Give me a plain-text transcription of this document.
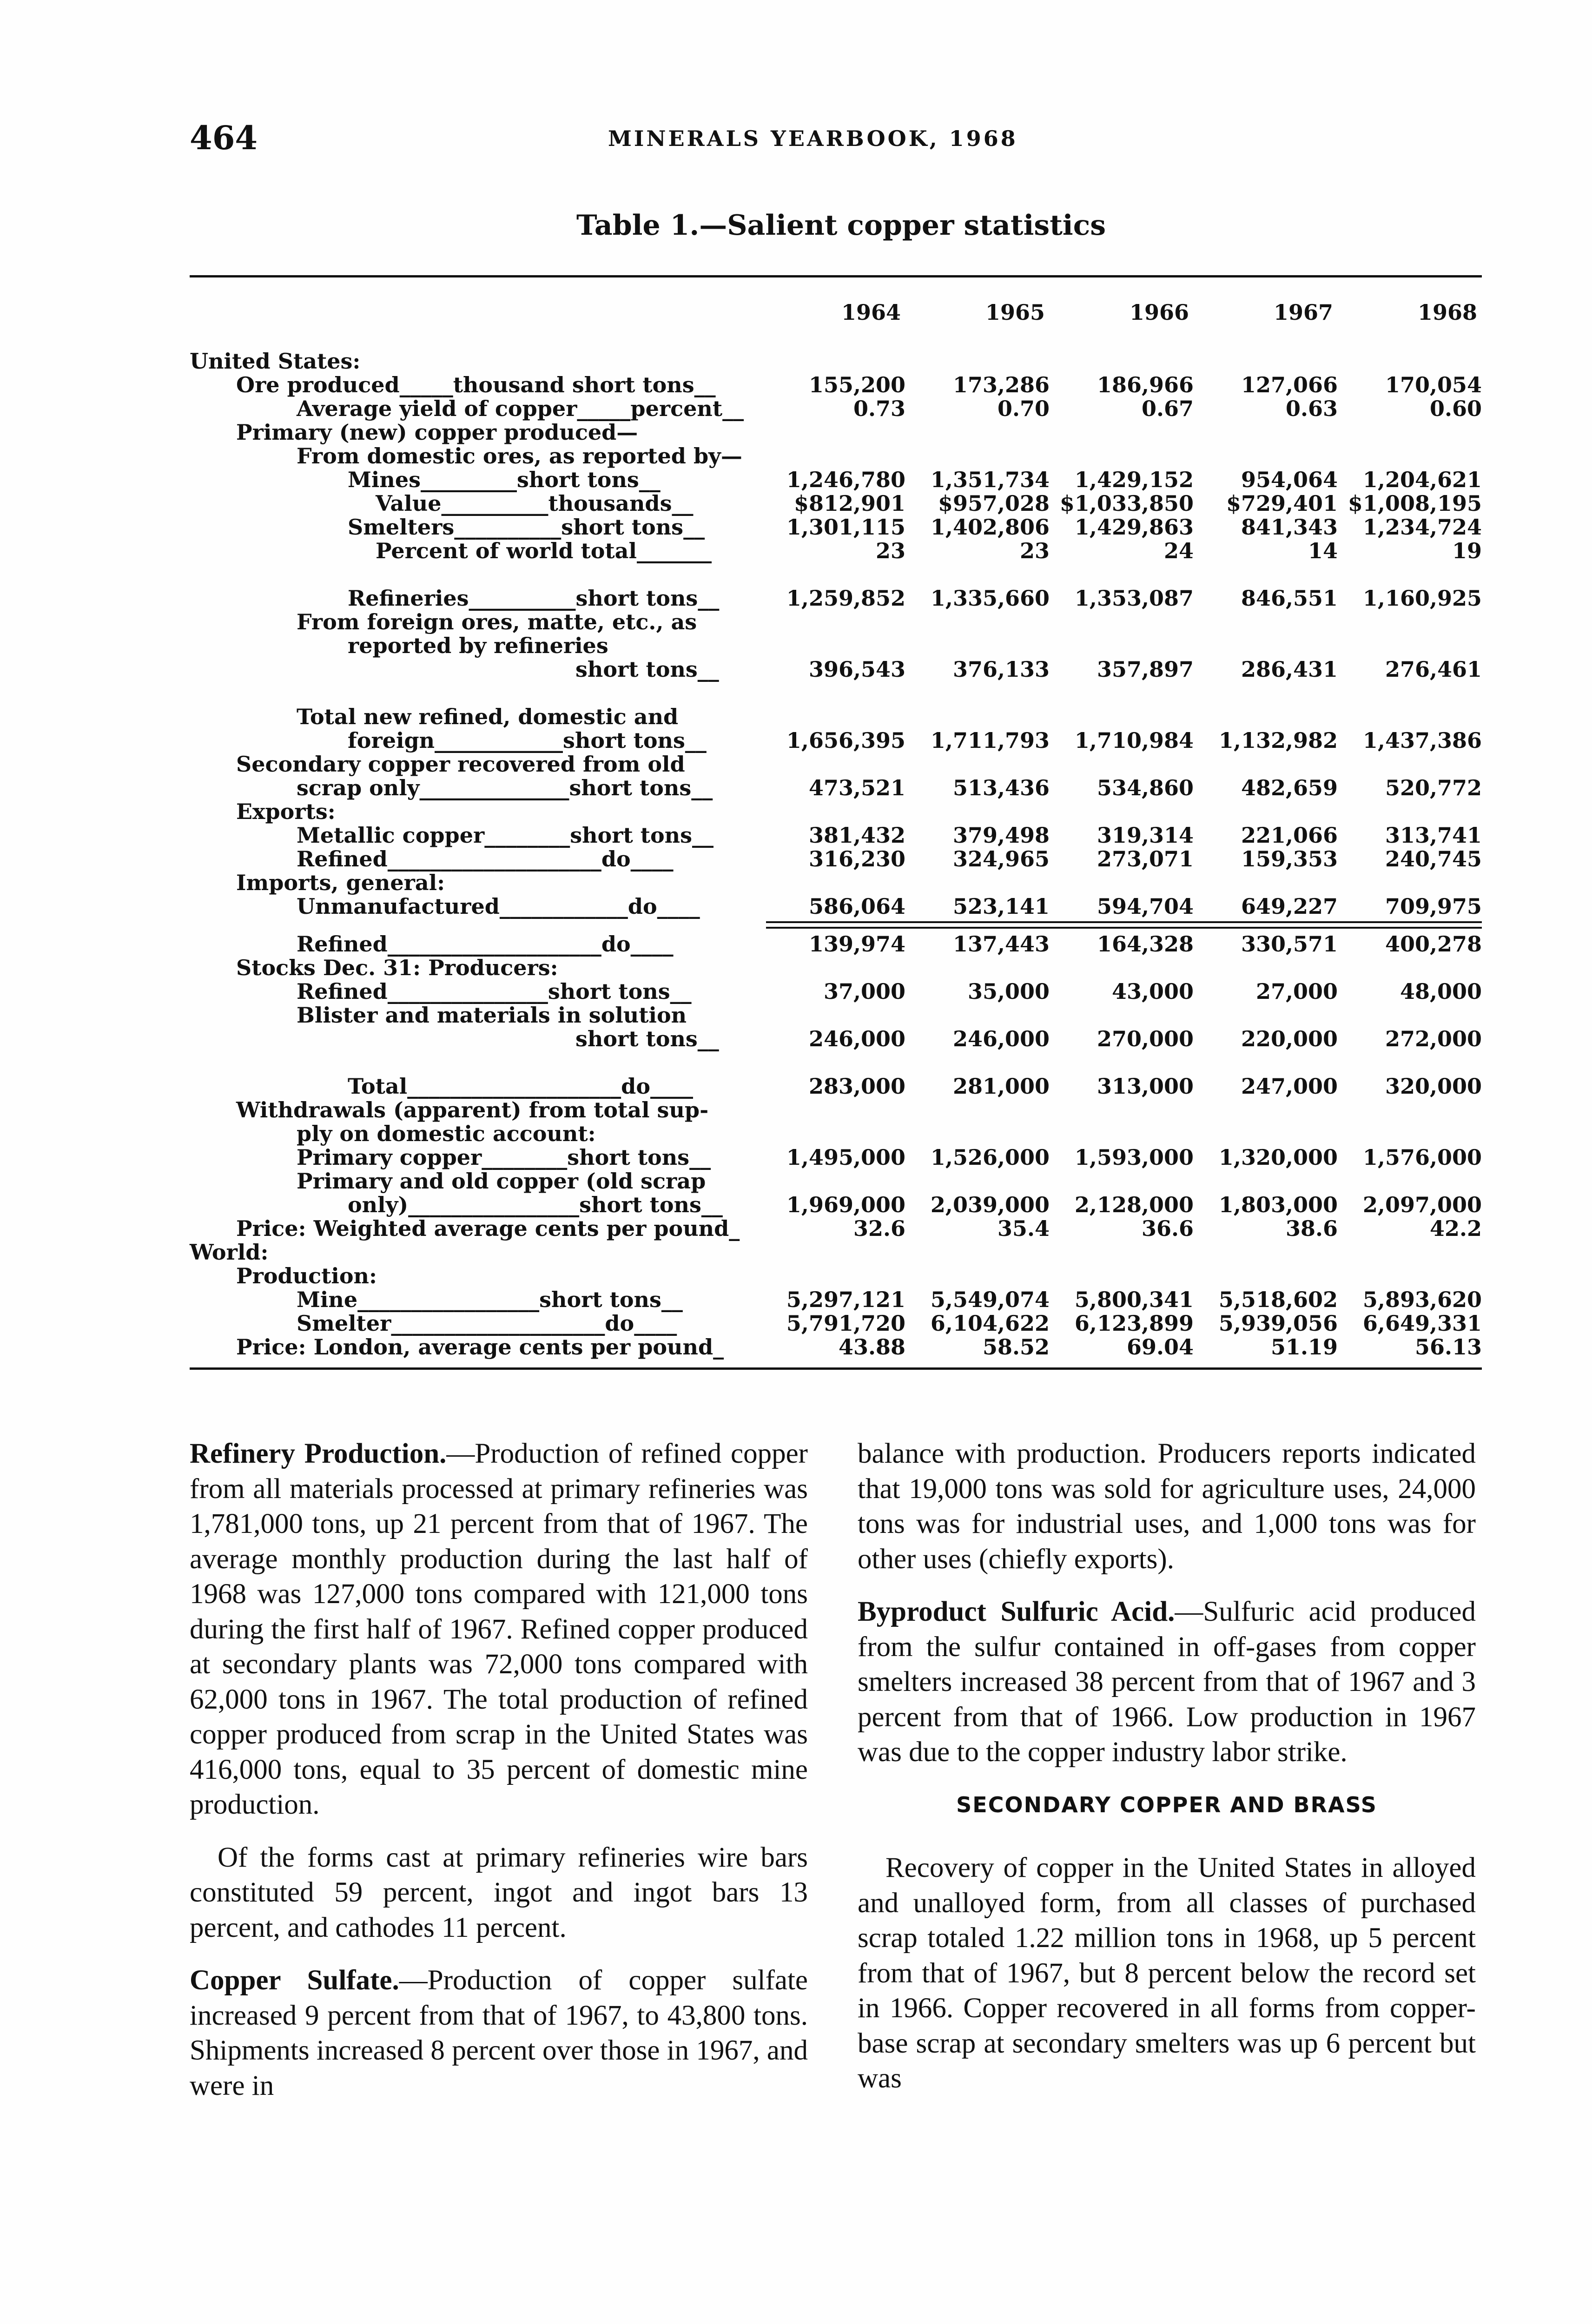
464	MINERALS YEARBOOK, 1968
Table 1.—Salient copper statistics
1964	1965	1966	1967	1968
United States:
Ore produced_____thousand short tons__	155,200	173,286	186,966	127,066	170,054
Average yield of copper_____percent__	0.73	0.70	0.67	0.63	0.60
Primary (new) copper produced—
From domestic ores, as reported by—
Mines_________short tons__	1,246,780	1,351,734	1,429,152	954,064	1,204,621
Value__________thousands__	$812,901	$957,028 $1,033,850	$729,401 $1,008,195
Smelters__________short tons__	1,301,115	1,402,806	1,429,863	841,343	1,234,724
Percent of world total_______	23	23	24	14	19
Refineries__________short tons__	1,259,852	1,335,660	1,353,087	846,551	1,160,925
From foreign ores, matte, etc., as
reported by refineries
short tons__	396,543	376,133	357,897	286,431	276,461
Total new refined, domestic and
foreign____________short tons__	1,656,395	1,711,793	1,710,984	1,132,982	1,437,386
Secondary copper recovered from old
scrap only______________short tons__	473,521	513,436	534,860	482,659	520,772
Exports:
Metallic copper________short tons__	381,432	379,498	319,314	221,066	313,741
Refined____________________do____	316,230	324,965	273,071	159,353	240,745
Imports, general:
Unmanufactured____________do____	586,064	523,141	594,704	649,227	709,975
Refined____________________do____	139,974	137,443	164,328	330,571	400,278
Stocks Dec. 31: Producers:
Refined_______________short tons__	37,000	35,000	43,000	27,000	48,000
Blister and materials in solution
short tons__	246,000	246,000	270,000	220,000	272,000
Total____________________do____	283,000	281,000	313,000	247,000	320,000
Withdrawals (apparent) from total sup-
ply on domestic account:
Primary copper________short tons__	1,495,000	1,526,000	1,593,000	1,320,000	1,576,000
Primary and old copper (old scrap
only)________________short tons__	1,969,000	2,039,000	2,128,000	1,803,000	2,097,000
Price: Weighted average cents per pound_	32.6	35.4	36.6	38.6	42.2
World:
Production:
Mine_________________short tons__	5,297,121	5,549,074	5,800,341	5,518,602	5,893,620
Smelter____________________do____	5,791,720	6,104,622	6,123,899	5,939,056	6,649,331
Price: London, average cents per pound_	43.88	58.52	69.04	51.19	56.13

Refinery Production.—Production of refined copper from all materials processed at primary refineries was 1,781,000 tons, up 21 percent from that of 1967. The average monthly production during the last half of 1968 was 127,000 tons compared with 121,000 tons during the first half of 1967. Refined copper produced at secondary plants was 72,000 tons compared with 62,000 tons in 1967. The total production of refined copper produced from scrap in the United States was 416,000 tons, equal to 35 percent of domestic mine production.

Of the forms cast at primary refineries wire bars constituted 59 percent, ingot and ingot bars 13 percent, and cathodes 11 percent.

Copper Sulfate.—Production of copper sulfate increased 9 percent from that of 1967, to 43,800 tons. Shipments increased 8 percent over those in 1967, and were in

balance with production. Producers reports indicated that 19,000 tons was sold for agriculture uses, 24,000 tons was for industrial uses, and 1,000 tons was for other uses (chiefly exports).

Byproduct Sulfuric Acid.—Sulfuric acid produced from the sulfur contained in off-gases from copper smelters increased 38 percent from that of 1967 and 3 percent from that of 1966. Low production in 1967 was due to the copper industry labor strike.

SECONDARY COPPER AND BRASS

Recovery of copper in the United States in alloyed and unalloyed form, from all classes of purchased scrap totaled 1.22 million tons in 1968, up 5 percent from that of 1967, but 8 percent below the record set in 1966. Copper recovered in all forms from copper-base scrap at secondary smelters was up 6 percent but was
